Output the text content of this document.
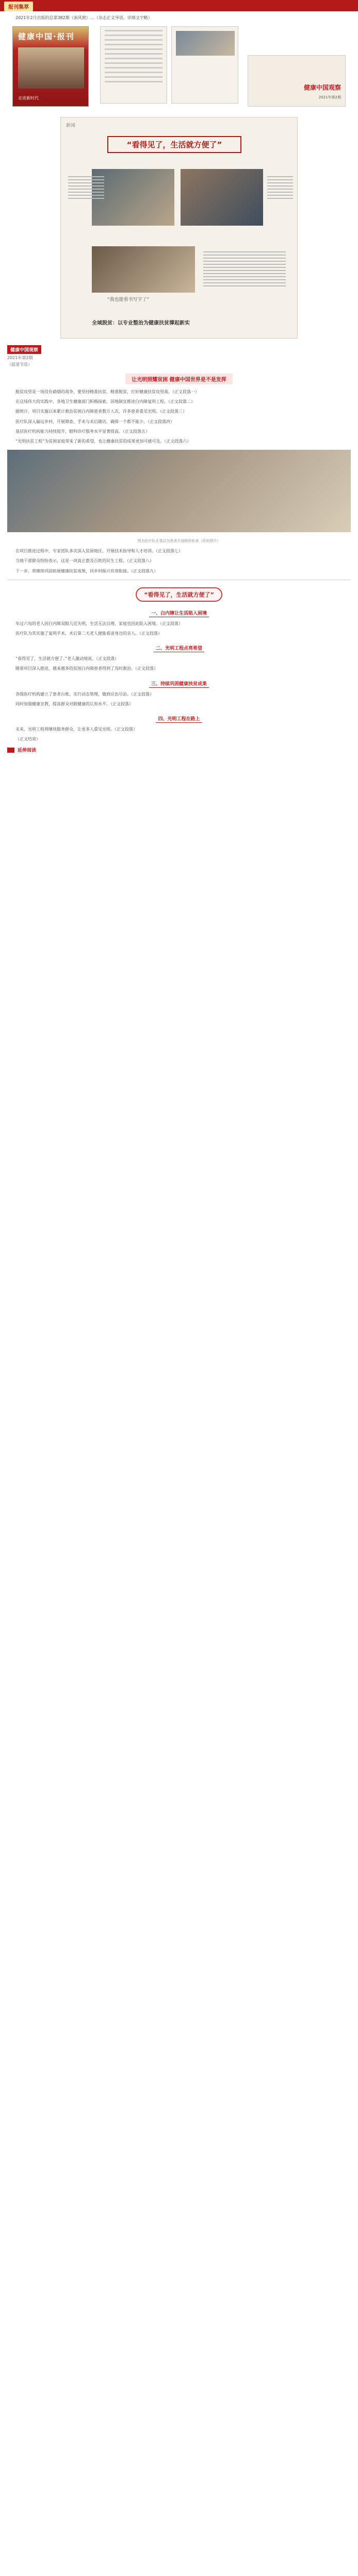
报刊集萃

2021年2月出版的总第382期《南风窗》…（杂志正文导语，详细文字略）

健康中国·报刊
走进新时代
健康中国观察
2021年第2期
新闻
“看得见了，生活就方便了”
“我也能看书写字了”
全域脱贫：以专业整治为健康扶贫撑起新实
健康中国观察
2021年第2期
（报道节选）
让光明照耀贫困 健康中国世界是不是发挥

脱贫攻坚是一场没有硝烟的战争，要坚持精准扶贫、精准脱贫，打好健康扶贫攻坚战。（正文段落一）

在这场伟大的实践中，各地卫生健康部门积极探索，因地制宜推进白内障复明工程。（正文段落二）

据统计，项目实施以来累计救治贫困白内障患者数万人次，许多患者重见光明。（正文段落三）

医疗队深入偏远乡村，开展筛查、手术与术后随访，确保一个都不能少。（正文段落四）

基层医疗机构能力持续提升，眼科诊疗服务水平显著提高。（正文段落五）

“光明扶贫工程”为贫困家庭带来了新的希望，也让健康扶贫的成果更加可感可及。（正文段落六）

图为医疗队在基层为患者开展眼科检查（资料图片）

在项目推进过程中，专家团队多次深入贫困地区，开展技术指导和人才培训。（正文段落七）

当地干部群众纷纷表示，这是一项真正惠及百姓的民生工程。（正文段落八）

下一步，将继续巩固拓展健康扶贫成果，同乡村振兴有效衔接。（正文段落九）

“看得见了，生活就方便了”
一、白内障让生活陷入困境

年过六旬的老人因白内障双眼几近失明，生活无法自理，家庭也因此陷入困境。（正文段落）

医疗队为其实施了复明手术，术后第二天老人便能看清身边的亲人。（正文段落）

二、光明工程点亮希望

“看得见了，生活就方便了。”老人激动地说。（正文段落）

随着项目深入推进，越来越多的贫困白内障患者得到了及时救治。（正文段落）

三、持续巩固健康扶贫成果

各级医疗机构建立了患者台账，实行动态管理，做到应治尽治。（正文段落）

同时加强健康宣教，提高群众对眼健康的认知水平。（正文段落）

四、光明工程在路上

未来，光明工程将继续服务群众，让更多人重见光明。（正文段落）

（正文结束）

延伸阅读
